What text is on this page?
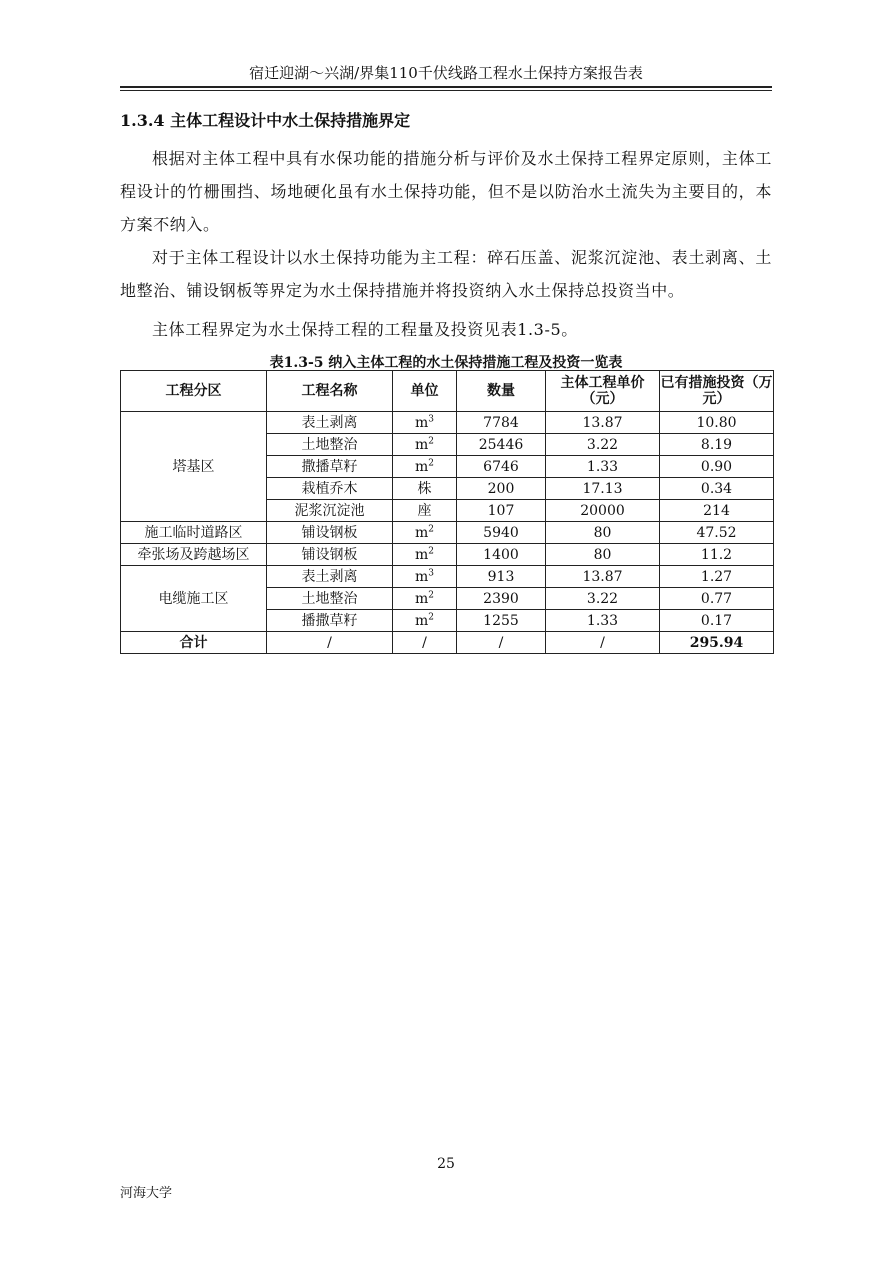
宿迁迎湖～兴湖/界集110千伏线路工程水土保持方案报告表
1.3.4 主体工程设计中水土保持措施界定
根据对主体工程中具有水保功能的措施分析与评价及水土保持工程界定原则，主体工程设计的竹栅围挡、场地硬化虽有水土保持功能，但不是以防治水土流失为主要目的，本方案不纳入。
对于主体工程设计以水土保持功能为主工程：碎石压盖、泥浆沉淀池、表土剥离、土地整治、铺设钢板等界定为水土保持措施并将投资纳入水土保持总投资当中。
主体工程界定为水土保持工程的工程量及投资见表1.3-5。
表1.3-5 纳入主体工程的水土保持措施工程及投资一览表
工程分区	工程名称	单位	数量	主体工程单价（元）	已有措施投资（万元）
塔基区	表土剥离	$m^3$	7784	13.87	10.80
	土地整治	$m^2$	25446	3.22	8.19
	撒播草籽	$m^2$	6746	1.33	0.90
	栽植乔木	株	200	17.13	0.34
	泥浆沉淀池	座	107	20000	214
施工临时道路区	铺设钢板	$m^2$	5940	80	47.52
牵张场及跨越场区	铺设钢板	$m^2$	1400	80	11.2
电缆施工区	表土剥离	$m^3$	913	13.87	1.27
	土地整治	$m^2$	2390	3.22	0.77
	播撒草籽	$m^2$	1255	1.33	0.17
合计	/	/	/	/	295.94
25
河海大学
